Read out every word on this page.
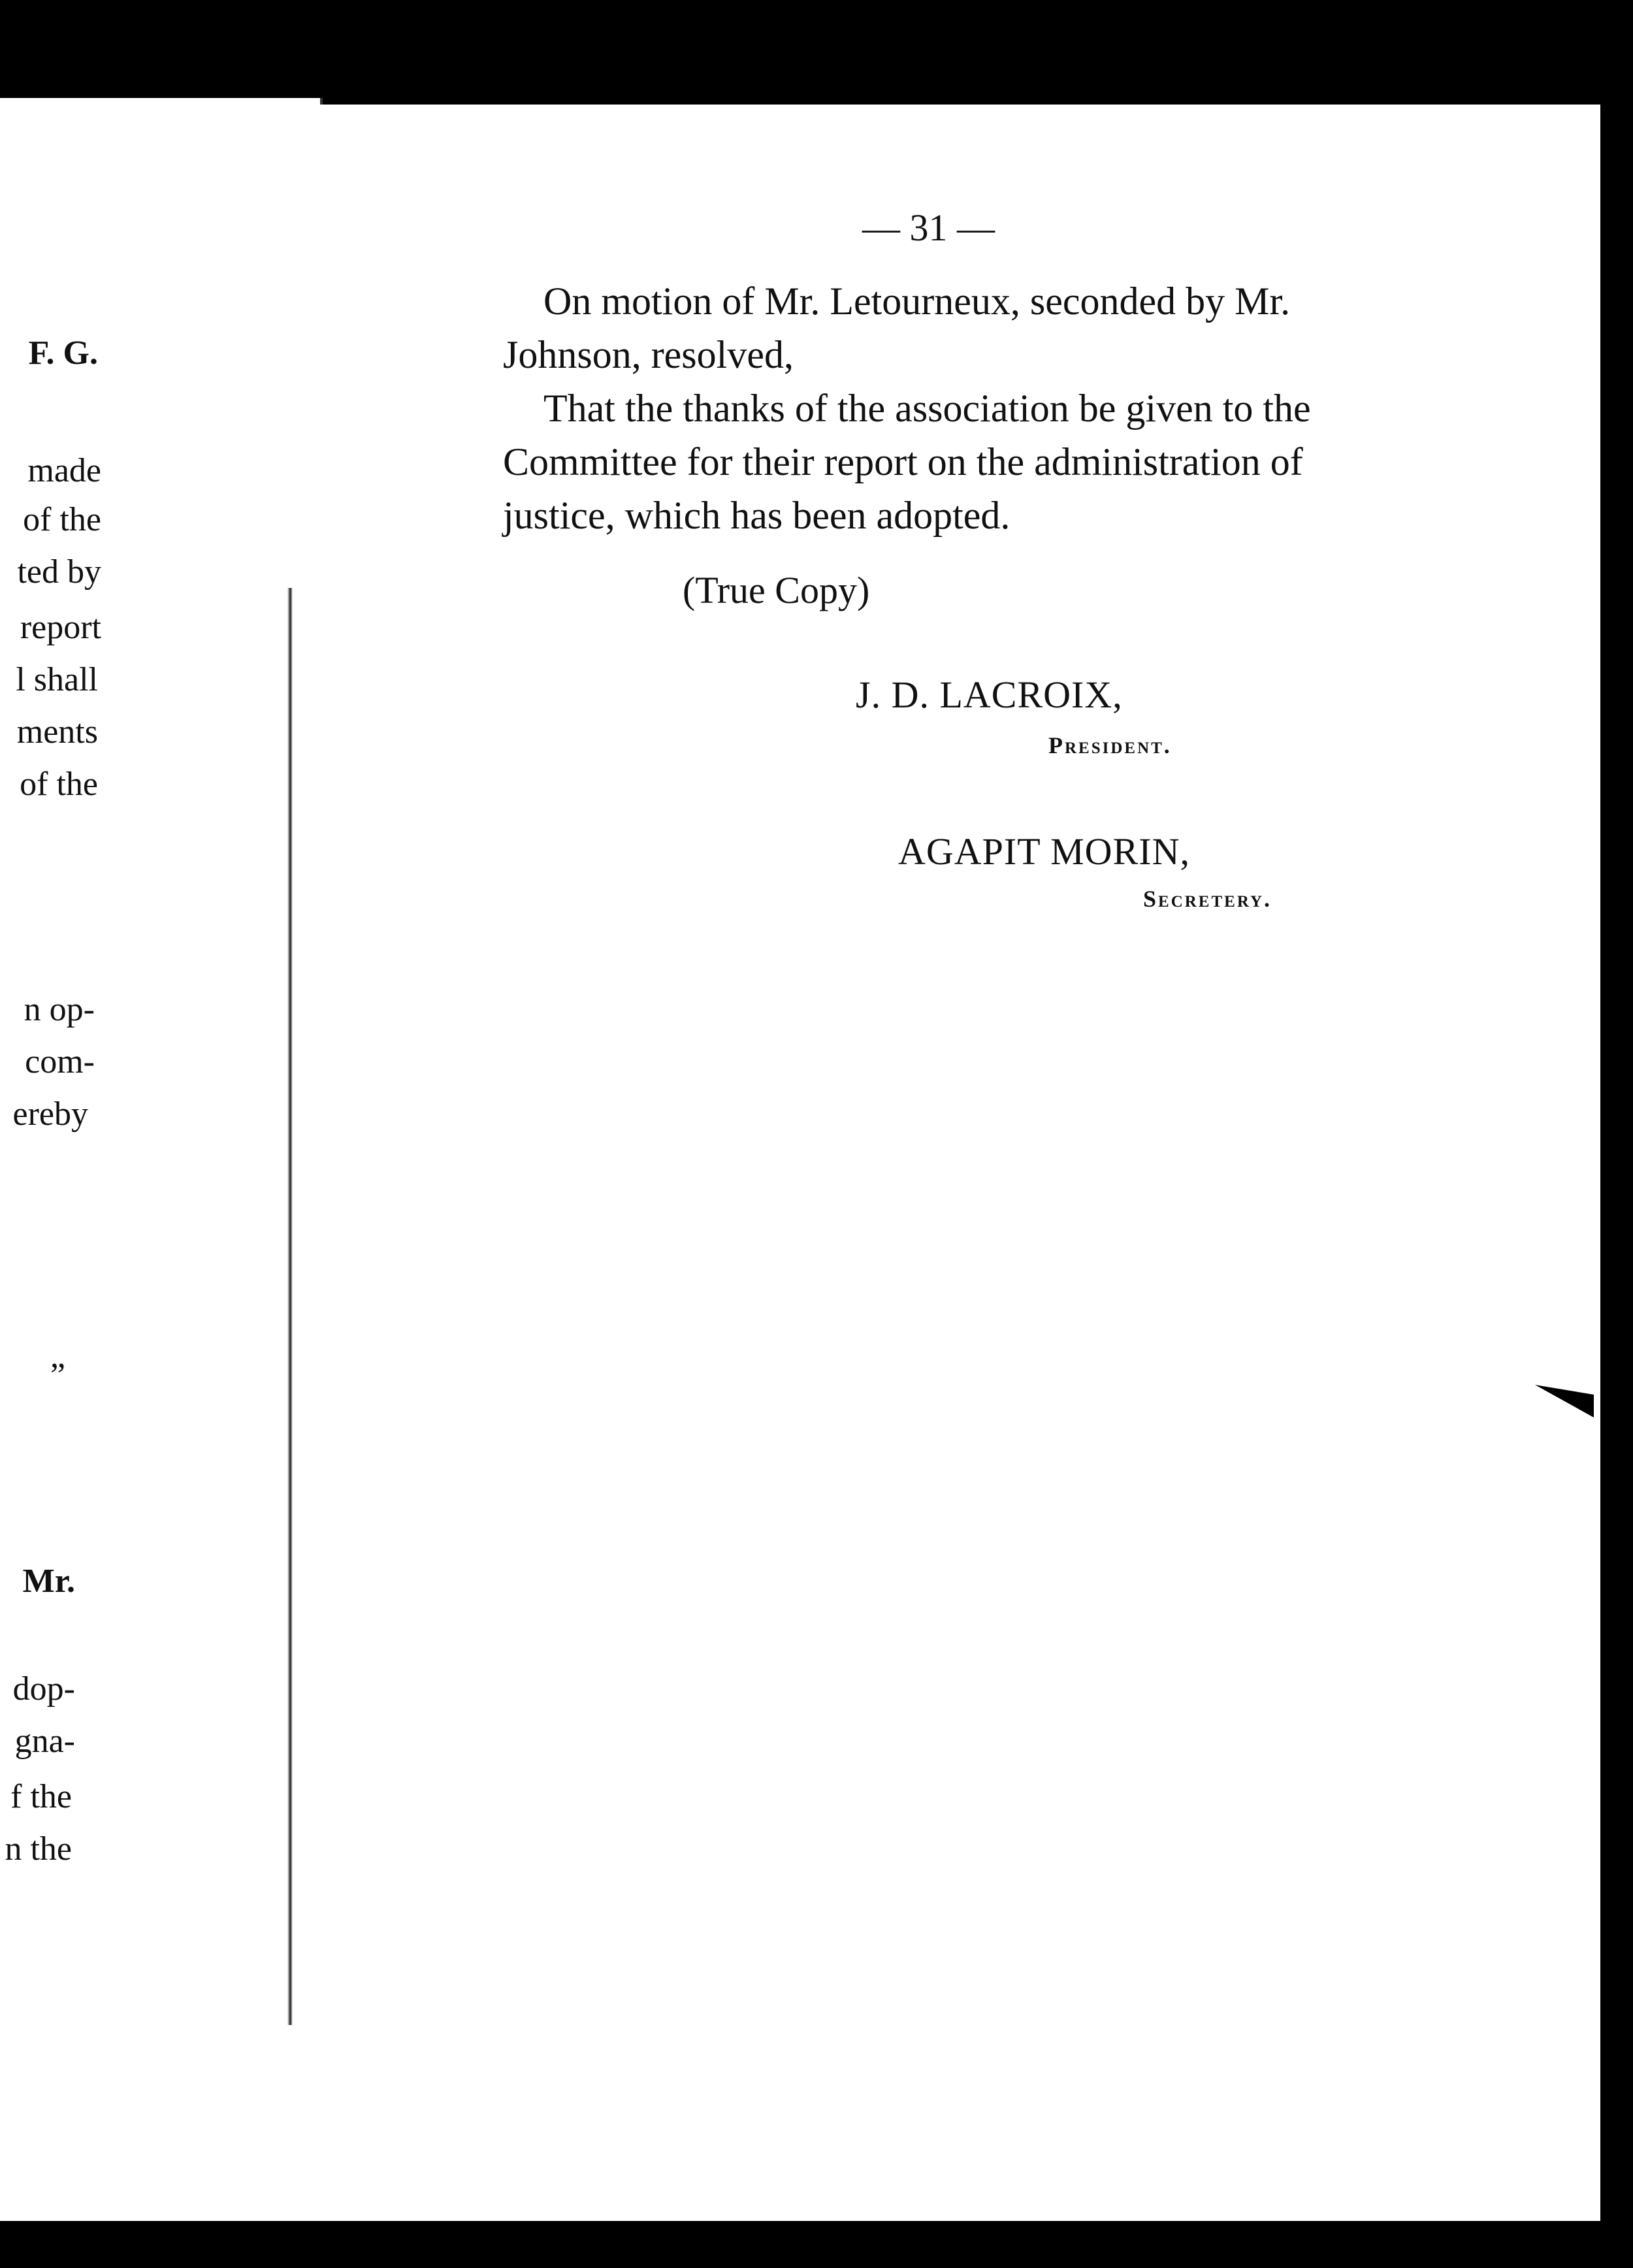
F. G.
made
of the
ted by
report
l shall
ments
of the
n op-
com-
ereby
”
Mr.
dop-
gna-
f the
n the
— 31 —
On motion of Mr. Letourneux, seconded by Mr.
Johnson, resolved,
That the thanks of the association be given to the
Committee for their report on the administration of
justice, which has been adopted.
(True Copy)
J. D. LACROIX,
President.
AGAPIT MORIN,
Secretery.
